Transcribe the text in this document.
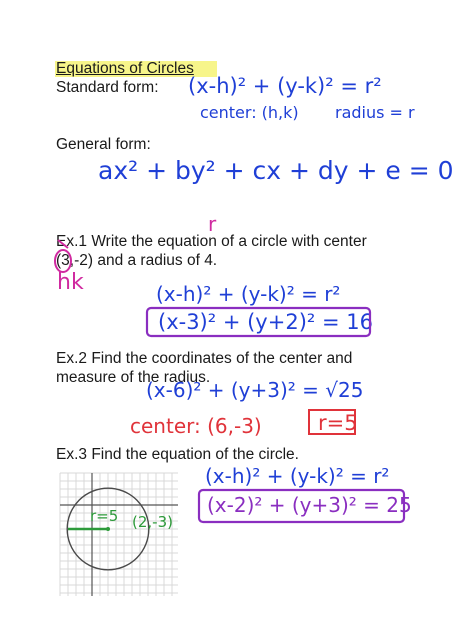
Equations of Circles
Standard form: (x-h)² + (y-k)² = r²
center: (h,k) radius = r
General form:
ax² + by² + cx + dy + e = 0
Ex.1 Write the equation of a circle with center
(3,-2) and a radius of 4.
hk
r
(x-h)² + (y-k)² = r²
(x-3)² + (y+2)² = 16
Ex.2 Find the coordinates of the center and
measure of the radius.
(x-6)² + (y+3)² = √25
center: (6,-3)	r=5
Ex.3 Find the equation of the circle.
(x-h)² + (y-k)² = r²
(x-2)² + (y+3)² = 25
r=5 (2,-3)
